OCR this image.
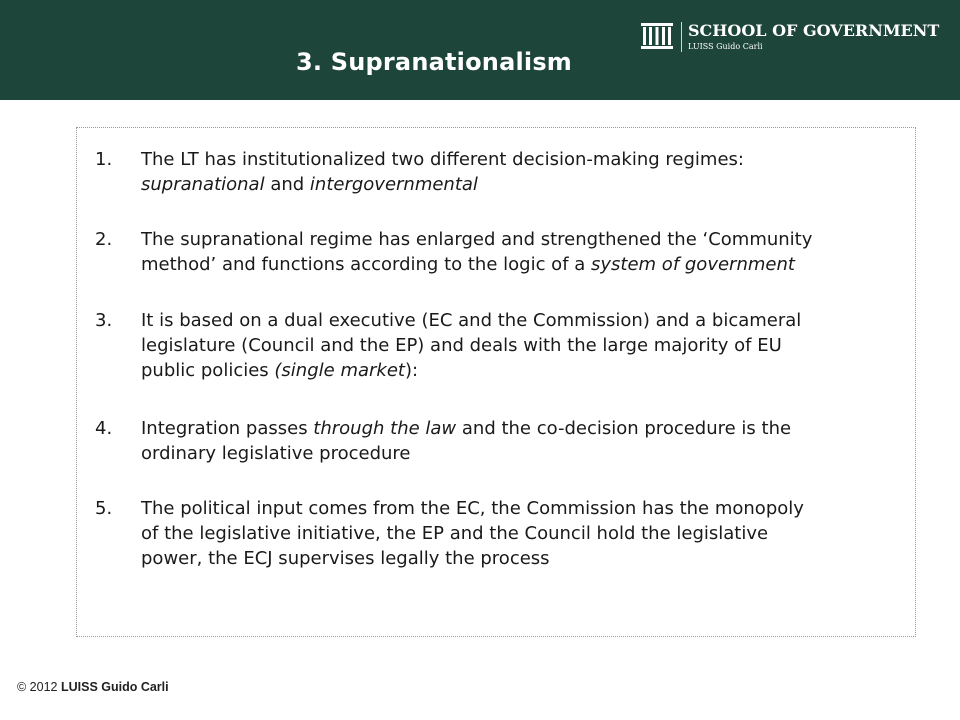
SCHOOL OF GOVERNMENT
LUISS Guido Carli
3. Supranationalism
1. The LT has institutionalized two different decision-making regimes:
supranational and intergovernmental
2. The supranational regime has enlarged and strengthened the ‘Community
method’ and functions according to the logic of a system of government
3. It is based on a dual executive (EC and the Commission) and a bicameral
legislature (Council and the EP) and deals with the large majority of EU
public policies (single market):
4. Integration passes through the law and the co-decision procedure is the
ordinary legislative procedure
5. The political input comes from the EC, the Commission has the monopoly
of the legislative initiative, the EP and the Council hold the legislative
power, the ECJ supervises legally the process
© 2012 LUISS Guido Carli
